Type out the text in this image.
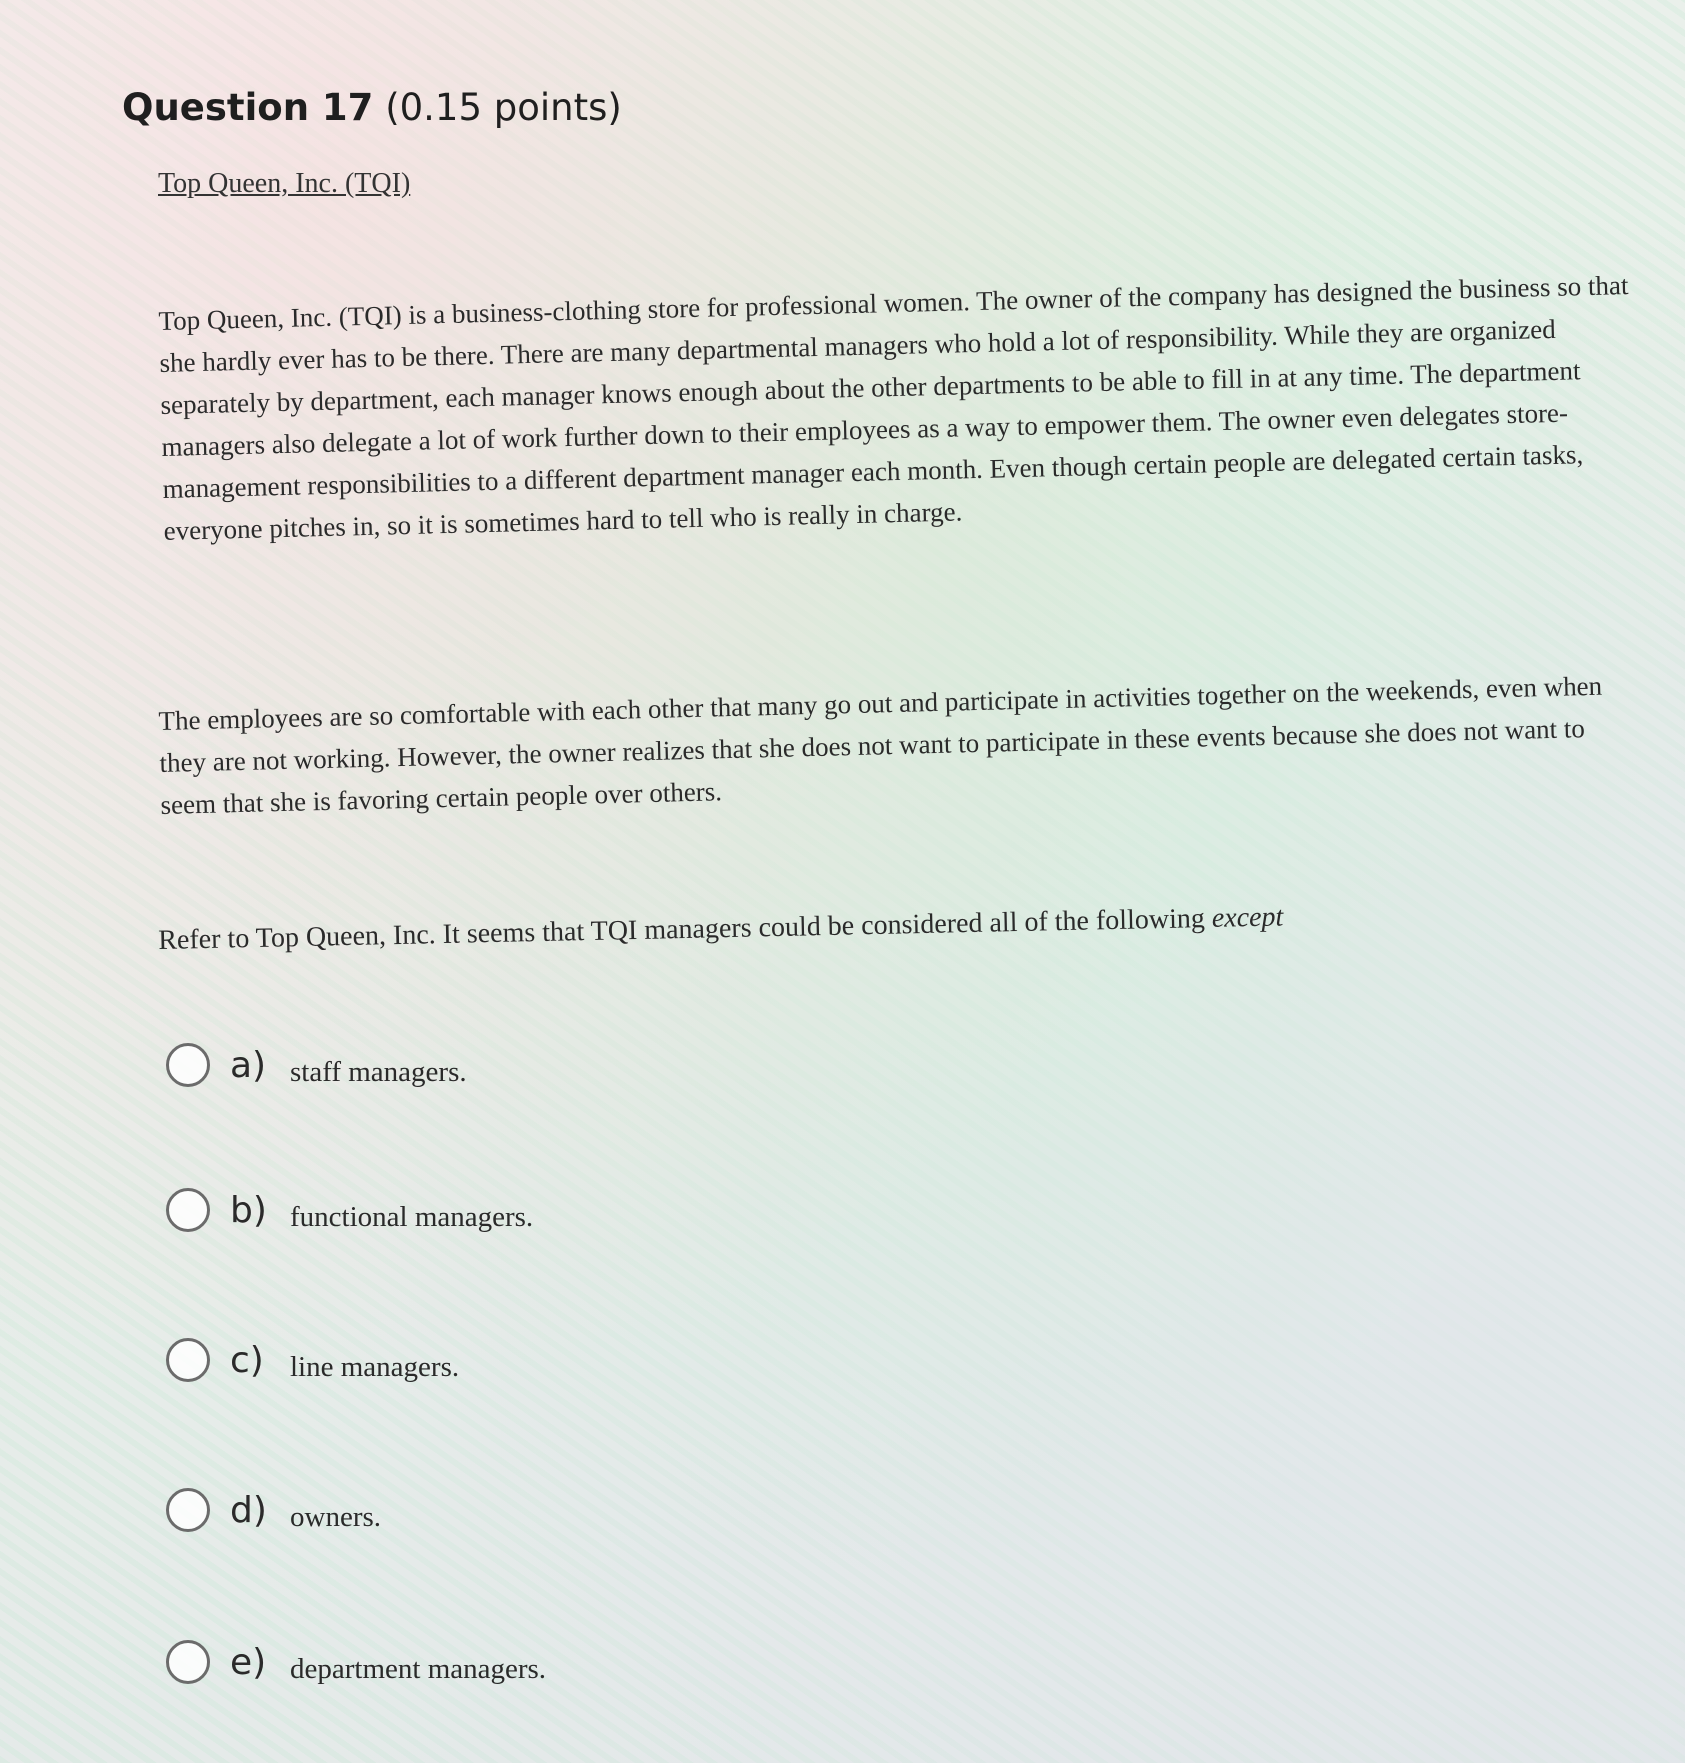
Question 17 (0.15 points)
Top Queen, Inc. (TQI)
Top Queen, Inc. (TQI) is a business-clothing store for professional women. The owner of the company has designed the business so that she hardly ever has to be there. There are many departmental managers who hold a lot of responsibility. While they are organized separately by department, each manager knows enough about the other departments to be able to fill in at any time. The department managers also delegate a lot of work further down to their employees as a way to empower them. The owner even delegates store-management responsibilities to a different department manager each month. Even though certain people are delegated certain tasks, everyone pitches in, so it is sometimes hard to tell who is really in charge.
The employees are so comfortable with each other that many go out and participate in activities together on the weekends, even when they are not working. However, the owner realizes that she does not want to participate in these events because she does not want to seem that she is favoring certain people over others.
Refer to Top Queen, Inc. It seems that TQI managers could be considered all of the following except
a) staff managers.
b) functional managers.
c) line managers.
d) owners.
e) department managers.
